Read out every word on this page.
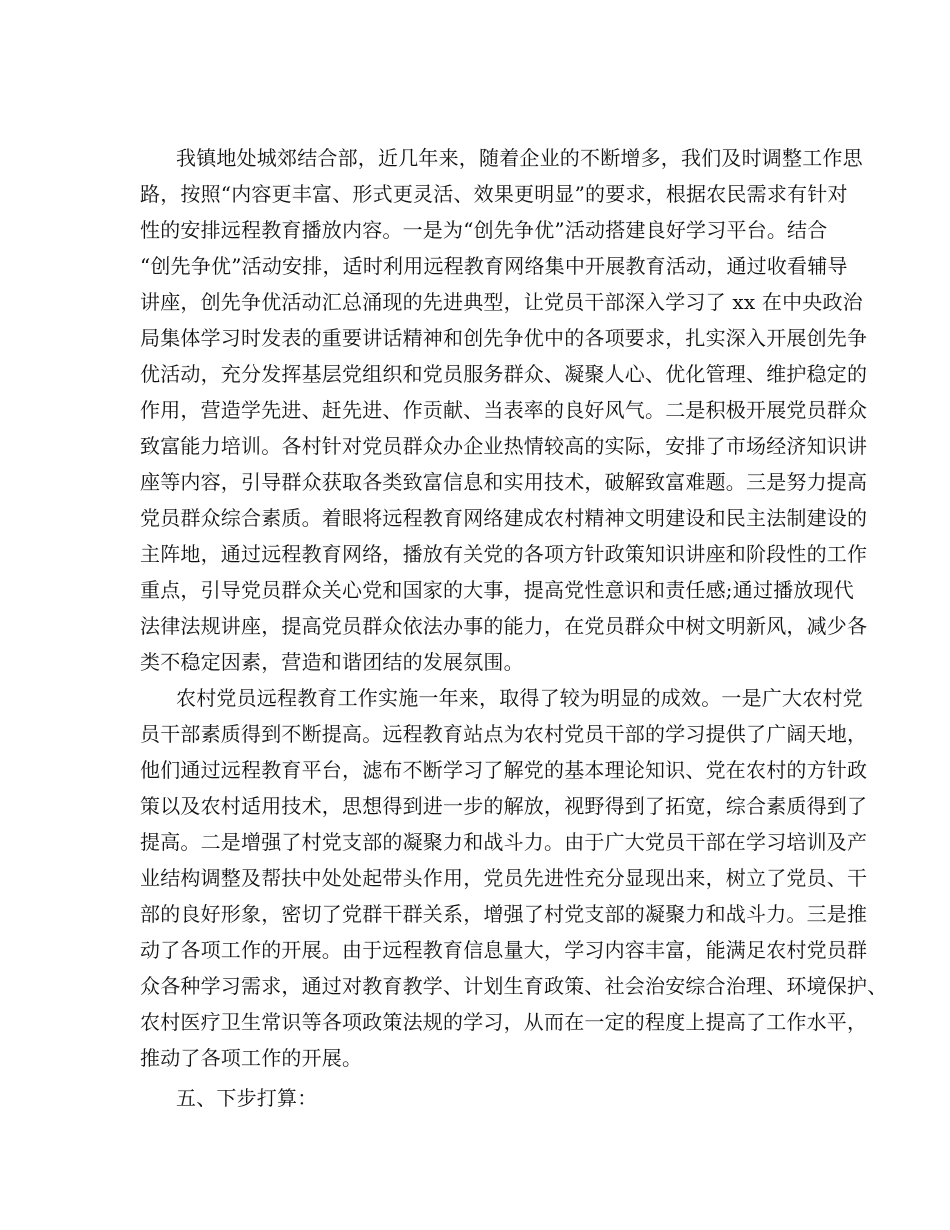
我镇地处城郊结合部，近几年来，随着企业的不断增多，我们及时调整工作思
路，按照“内容更丰富、形式更灵活、效果更明显”的要求，根据农民需求有针对
性的安排远程教育播放内容。一是为“创先争优”活动搭建良好学习平台。结合
“创先争优”活动安排，适时利用远程教育网络集中开展教育活动，通过收看辅导
讲座，创先争优活动汇总涌现的先进典型，让党员干部深入学习了 xx 在中央政治
局集体学习时发表的重要讲话精神和创先争优中的各项要求，扎实深入开展创先争
优活动，充分发挥基层党组织和党员服务群众、凝聚人心、优化管理、维护稳定的
作用，营造学先进、赶先进、作贡献、当表率的良好风气。二是积极开展党员群众
致富能力培训。各村针对党员群众办企业热情较高的实际，安排了市场经济知识讲
座等内容，引导群众获取各类致富信息和实用技术，破解致富难题。三是努力提高
党员群众综合素质。着眼将远程教育网络建成农村精神文明建设和民主法制建设的
主阵地，通过远程教育网络，播放有关党的各项方针政策知识讲座和阶段性的工作
重点，引导党员群众关心党和国家的大事，提高党性意识和责任感;通过播放现代
法律法规讲座，提高党员群众依法办事的能力，在党员群众中树文明新风，减少各
类不稳定因素，营造和谐团结的发展氛围。
农村党员远程教育工作实施一年来，取得了较为明显的成效。一是广大农村党
员干部素质得到不断提高。远程教育站点为农村党员干部的学习提供了广阔天地，
他们通过远程教育平台，滤布不断学习了解党的基本理论知识、党在农村的方针政
策以及农村适用技术，思想得到进一步的解放，视野得到了拓宽，综合素质得到了
提高。二是增强了村党支部的凝聚力和战斗力。由于广大党员干部在学习培训及产
业结构调整及帮扶中处处起带头作用，党员先进性充分显现出来，树立了党员、干
部的良好形象，密切了党群干群关系，增强了村党支部的凝聚力和战斗力。三是推
动了各项工作的开展。由于远程教育信息量大，学习内容丰富，能满足农村党员群
众各种学习需求，通过对教育教学、计划生育政策、社会治安综合治理、环境保护、
农村医疗卫生常识等各项政策法规的学习，从而在一定的程度上提高了工作水平，
推动了各项工作的开展。
五、下步打算：
